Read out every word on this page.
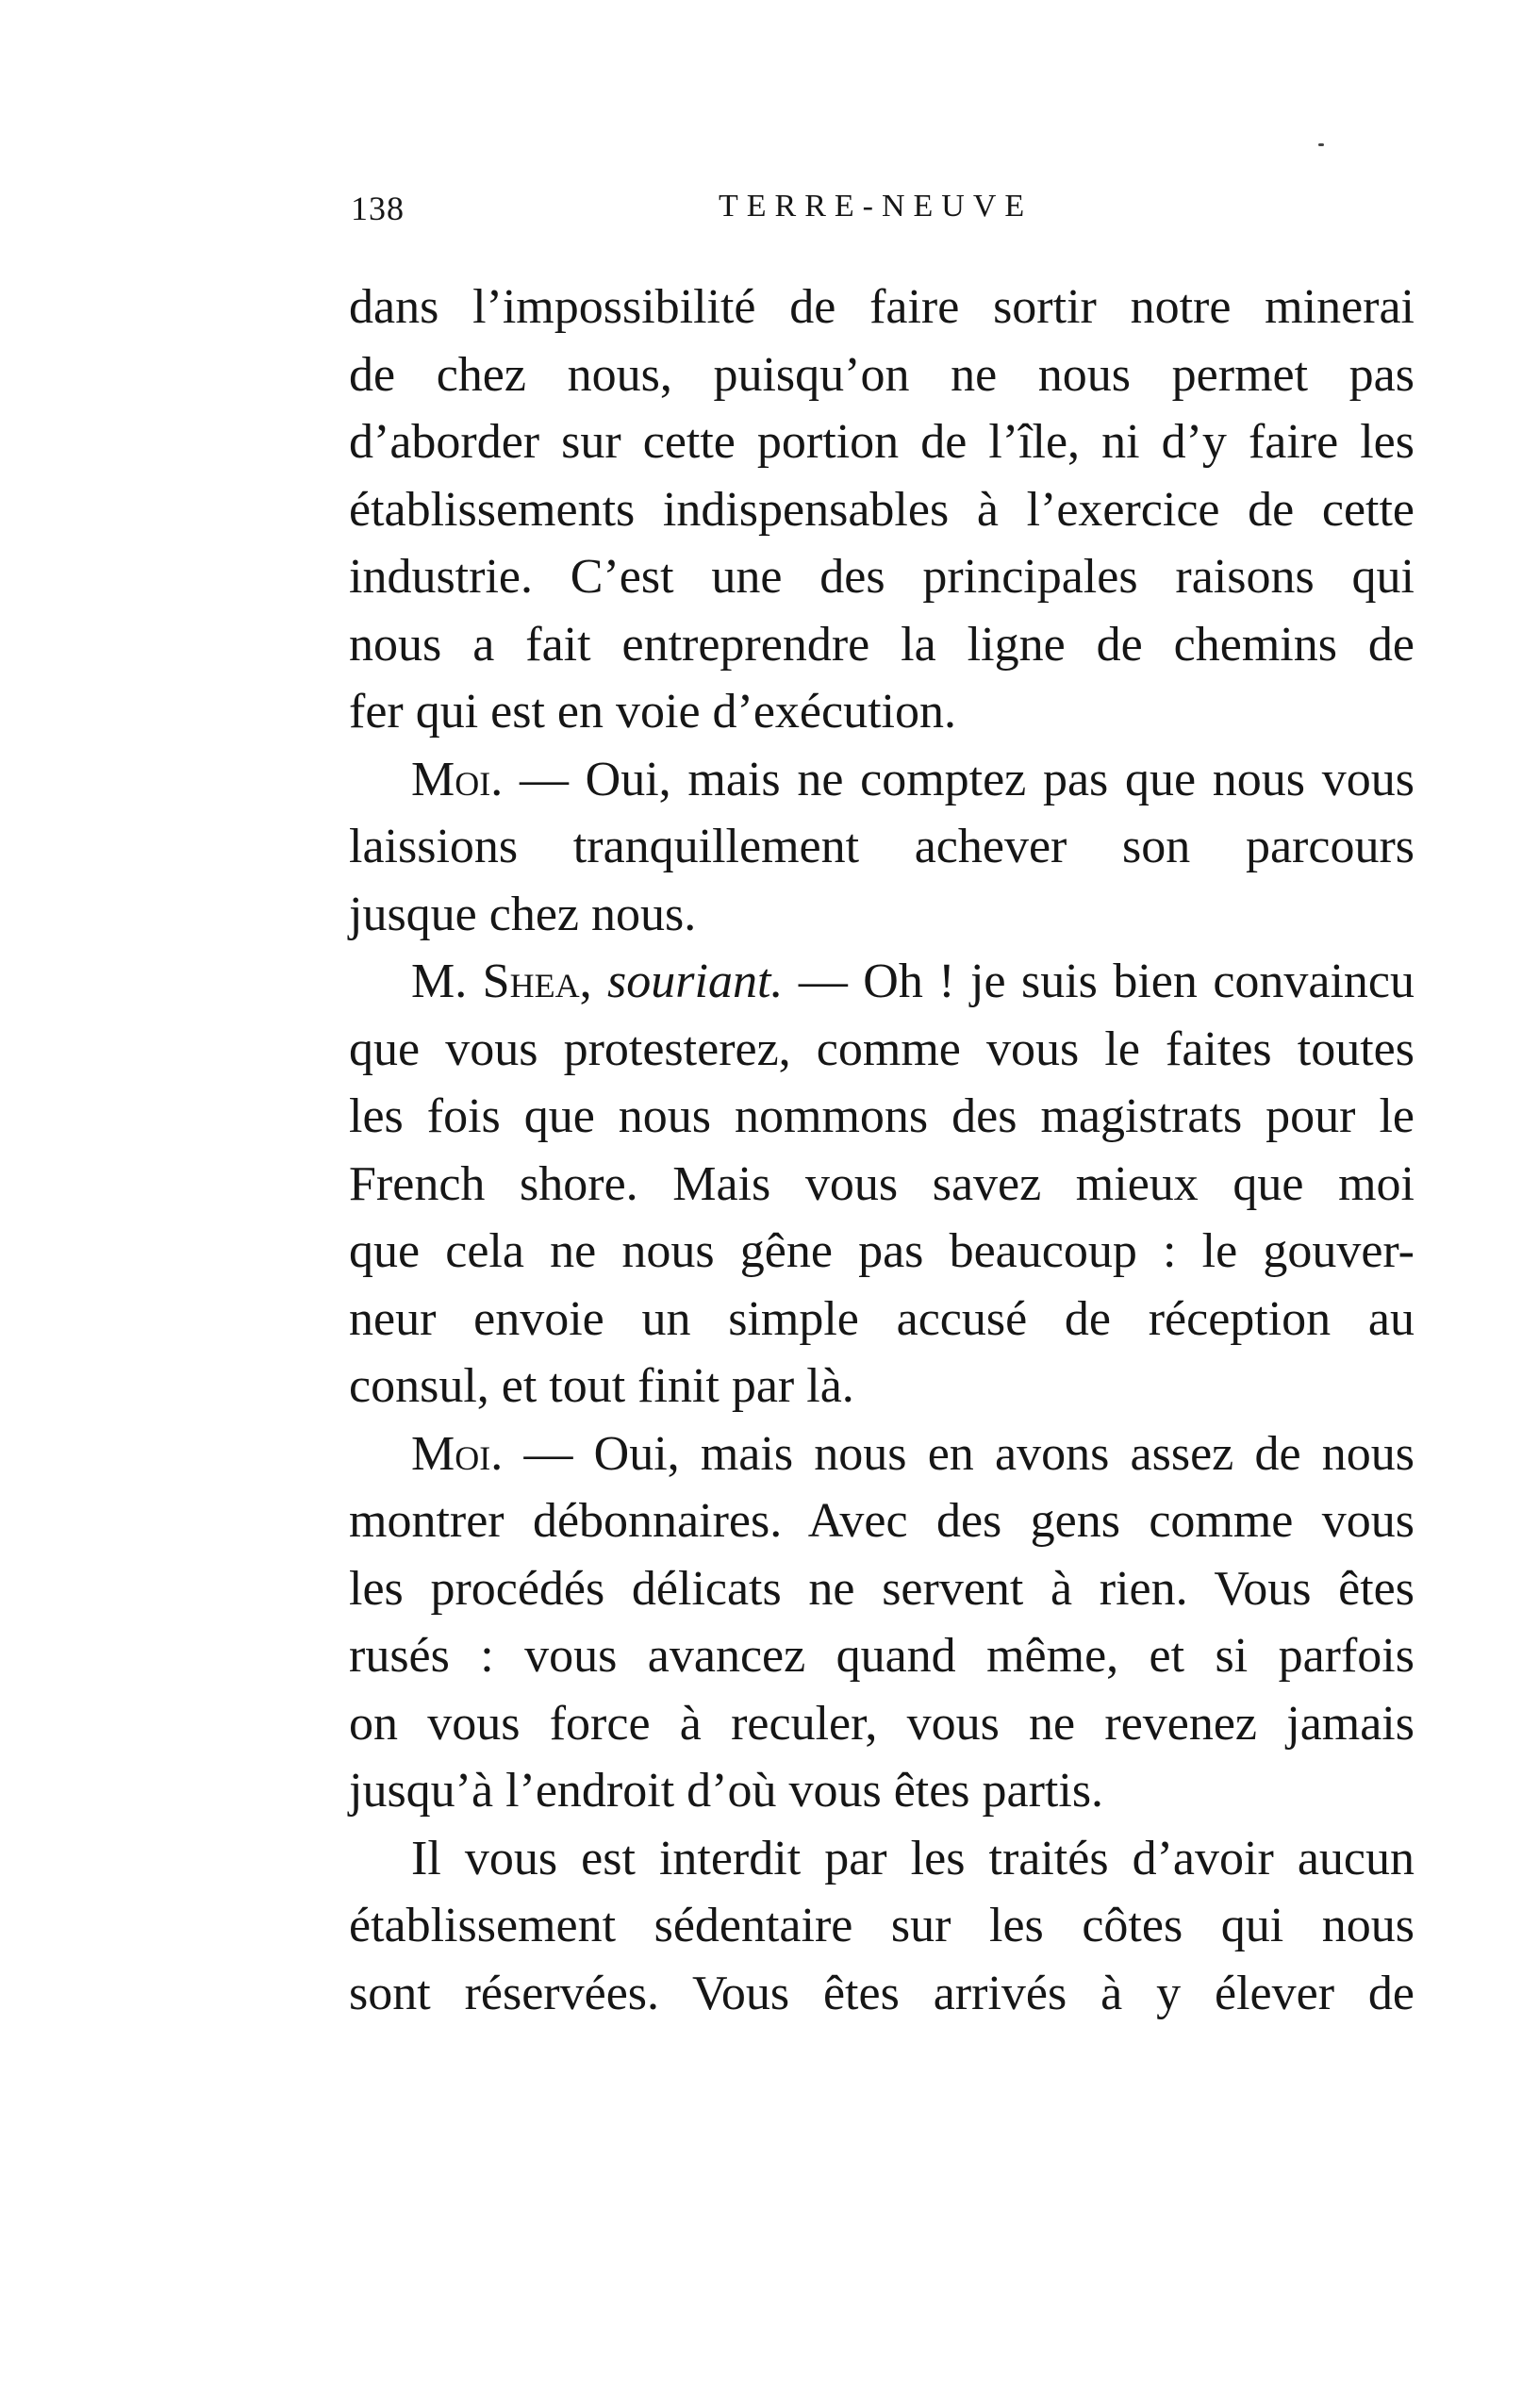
138	TERRE-NEUVE
dans l’impossibilité de faire sortir notre minerai
de chez nous, puisqu’on ne nous permet pas
d’aborder sur cette portion de l’île, ni d’y faire les
établissements indispensables à l’exercice de cette
industrie. C’est une des principales raisons qui
nous a fait entreprendre la ligne de chemins de
fer qui est en voie d’exécution.
Moi. — Oui, mais ne comptez pas que nous vous
laissions tranquillement achever son parcours
jusque chez nous.
M. Shea, souriant. — Oh ! je suis bien convaincu
que vous protesterez, comme vous le faites toutes
les fois que nous nommons des magistrats pour le
French shore. Mais vous savez mieux que moi
que cela ne nous gêne pas beaucoup : le gouver-
neur envoie un simple accusé de réception au
consul, et tout finit par là.
Moi. — Oui, mais nous en avons assez de nous
montrer débonnaires. Avec des gens comme vous
les procédés délicats ne servent à rien. Vous êtes
rusés : vous avancez quand même, et si parfois
on vous force à reculer, vous ne revenez jamais
jusqu’à l’endroit d’où vous êtes partis.
Il vous est interdit par les traités d’avoir aucun
établissement sédentaire sur les côtes qui nous
sont réservées. Vous êtes arrivés à y élever de
